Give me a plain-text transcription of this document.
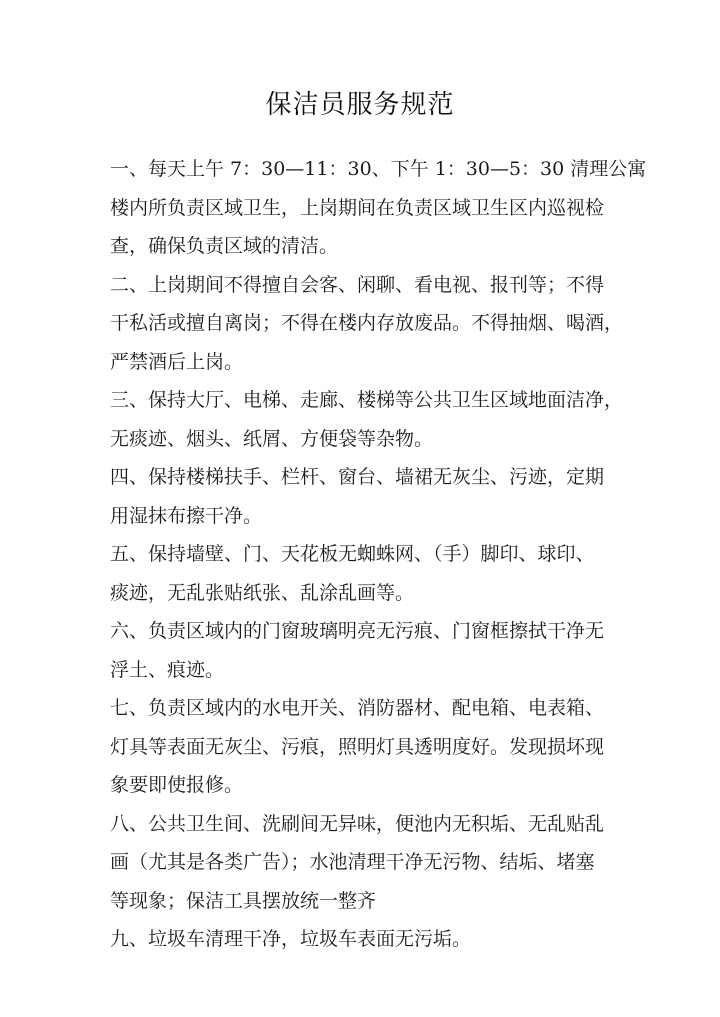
保洁员服务规范
一、每天上午 7：30—11：30、下午 1：30—5：30 清理公寓
楼内所负责区域卫生，上岗期间在负责区域卫生区内巡视检
查，确保负责区域的清洁。
二、上岗期间不得擅自会客、闲聊、看电视、报刊等；不得
干私活或擅自离岗；不得在楼内存放废品。不得抽烟、喝酒，
严禁酒后上岗。
三、保持大厅、电梯、走廊、楼梯等公共卫生区域地面洁净，
无痰迹、烟头、纸屑、方便袋等杂物。
四、保持楼梯扶手、栏杆、窗台、墙裙无灰尘、污迹，定期
用湿抹布擦干净。
五、保持墙壁、门、天花板无蜘蛛网、（手）脚印、球印、
痰迹，无乱张贴纸张、乱涂乱画等。
六、负责区域内的门窗玻璃明亮无污痕、门窗框擦拭干净无
浮土、痕迹。
七、负责区域内的水电开关、消防器材、配电箱、电表箱、
灯具等表面无灰尘、污痕，照明灯具透明度好。发现损坏现
象要即使报修。
八、公共卫生间、洗刷间无异味，便池内无积垢、无乱贴乱
画（尤其是各类广告）；水池清理干净无污物、结垢、堵塞
等现象；保洁工具摆放统一整齐
九、垃圾车清理干净，垃圾车表面无污垢。
